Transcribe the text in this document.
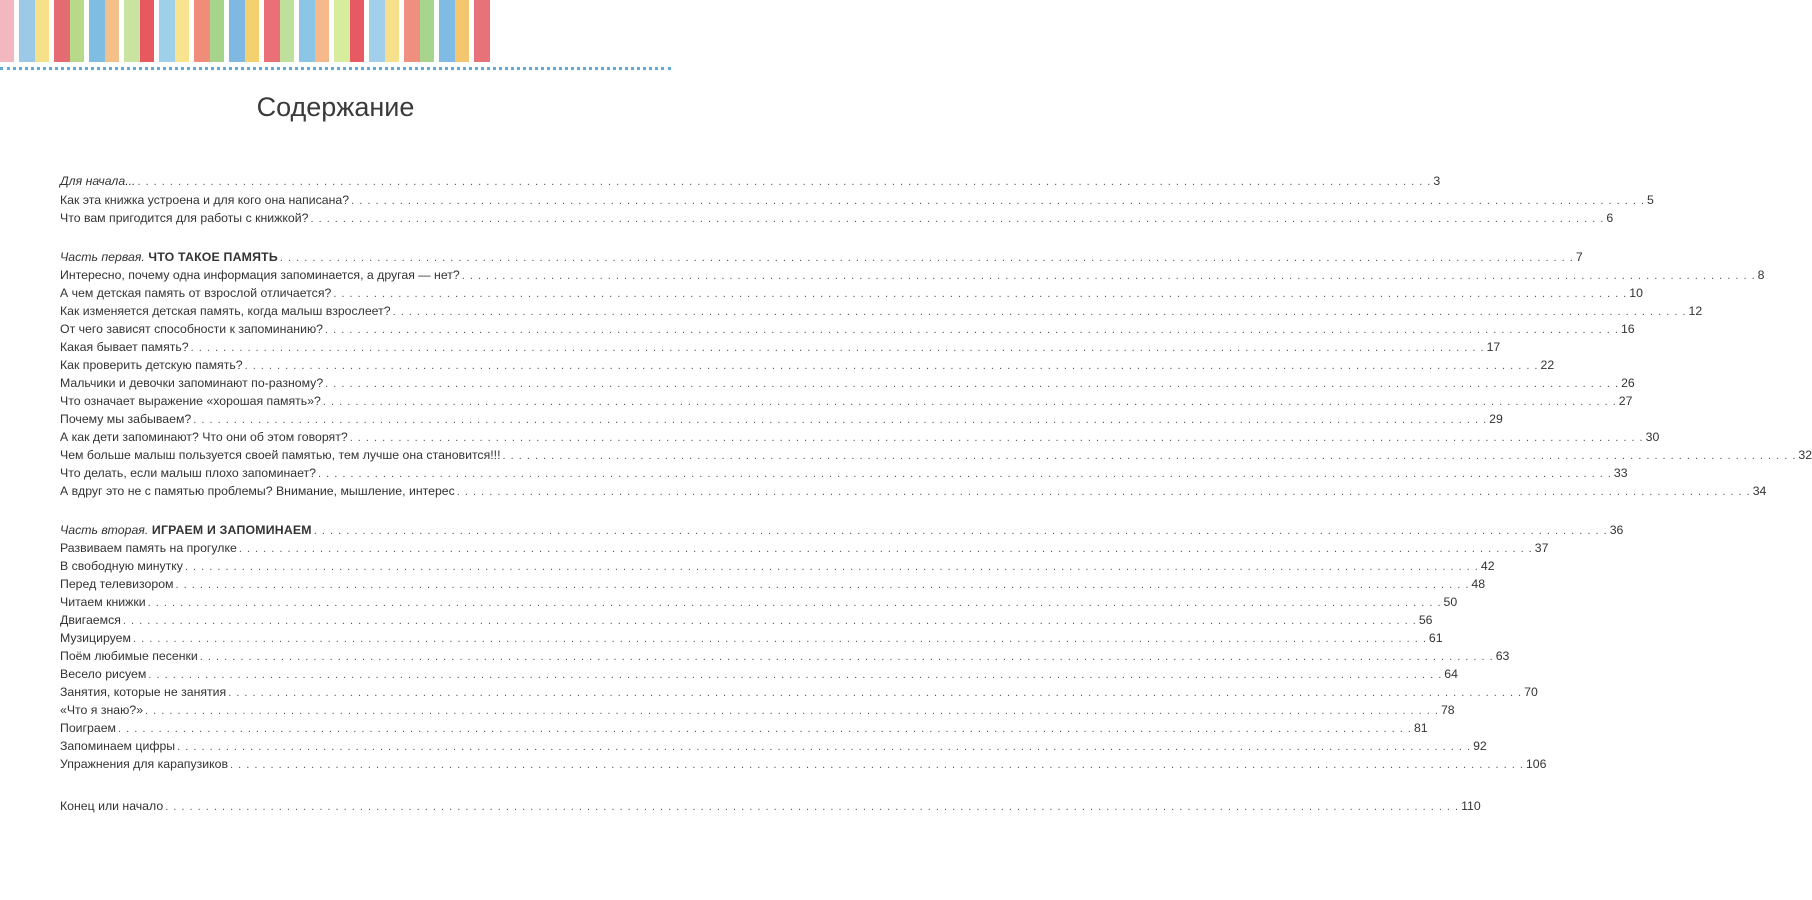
Содержание
Для начала... . . . . . . . . . . . . . . . . . . . . . . . . . . . . . . . . . . . . . . . . . . . . . . . . . . . . . . . . . . . . . . . . . . . . . . . . . . . . . . . . . . . . . . . . . . . . . . . . . . . . . . . . . . . . . . . . . . . . . . . . . . . . . . . . . . . . . . . . . . . . . . . . . . . . . . . . . . . . . . . . 3
Как эта книжка устроена и для кого она написана? . . . . . . . . . . . . . . . . . . . . . . . . . . . . . . . . . . . . . . . . . . . . . . . . . . . . . . . . . . . . . . . . . . . . . . . . . . . . . . . . . . . . . . . . . . . . . . . . . . . . . . . . . . . . . . . . . . . . . . . . . . . . . . . . . . . . . . . . . . . . . . . . . . . . . . . . . . . . . . . . 5
Что вам пригодится для работы с книжкой? . . . . . . . . . . . . . . . . . . . . . . . . . . . . . . . . . . . . . . . . . . . . . . . . . . . . . . . . . . . . . . . . . . . . . . . . . . . . . . . . . . . . . . . . . . . . . . . . . . . . . . . . . . . . . . . . . . . . . . . . . . . . . . . . . . . . . . . . . . . . . . . . . . . . . . . . . . . . . . . . 6
Часть первая. ЧТО ТАКОЕ ПАМЯТЬ . . . . . . . . . . . . . . . . . . . . . . . . . . . . . . . . . . . . . . . . . . . . . . . . . . . . . . . . . . . . . . . . . . . . . . . . . . . . . . . . . . . . . . . . . . . . . . . . . . . . . . . . . . . . . . . . . . . . . . . . . . . . . . . . . . . . . . . . . . . . . . . . . . . . . . . . . . . . . . . . 7
Интересно, почему одна информация запоминается, а другая — нет? . . . . . . . . . . . . . . . . . . . . . . . . . . . . . . . . . . . . . . . . . . . . . . . . . . . . . . . . . . . . . . . . . . . . . . . . . . . . . . . . . . . . . . . . . . . . . . . . . . . . . . . . . . . . . . . . . . . . . . . . . . . . . . . . . . . . . . . . . . . . . . . . . . . . . . . . . . . . . . . . 8
А чем детская память от взрослой отличается? . . . . . . . . . . . . . . . . . . . . . . . . . . . . . . . . . . . . . . . . . . . . . . . . . . . . . . . . . . . . . . . . . . . . . . . . . . . . . . . . . . . . . . . . . . . . . . . . . . . . . . . . . . . . . . . . . . . . . . . . . . . . . . . . . . . . . . . . . . . . . . . . . . . . . . . . . . . . . . . . 10
Как изменяется детская память, когда малыш взрослеет? . . . . . . . . . . . . . . . . . . . . . . . . . . . . . . . . . . . . . . . . . . . . . . . . . . . . . . . . . . . . . . . . . . . . . . . . . . . . . . . . . . . . . . . . . . . . . . . . . . . . . . . . . . . . . . . . . . . . . . . . . . . . . . . . . . . . . . . . . . . . . . . . . . . . . . . . . . . . . . . . 12
От чего зависят способности к запоминанию? . . . . . . . . . . . . . . . . . . . . . . . . . . . . . . . . . . . . . . . . . . . . . . . . . . . . . . . . . . . . . . . . . . . . . . . . . . . . . . . . . . . . . . . . . . . . . . . . . . . . . . . . . . . . . . . . . . . . . . . . . . . . . . . . . . . . . . . . . . . . . . . . . . . . . . . . . . . . . . . . 16
Какая бывает память? . . . . . . . . . . . . . . . . . . . . . . . . . . . . . . . . . . . . . . . . . . . . . . . . . . . . . . . . . . . . . . . . . . . . . . . . . . . . . . . . . . . . . . . . . . . . . . . . . . . . . . . . . . . . . . . . . . . . . . . . . . . . . . . . . . . . . . . . . . . . . . . . . . . . . . . . . . . . . . . . 17
Как проверить детскую память? . . . . . . . . . . . . . . . . . . . . . . . . . . . . . . . . . . . . . . . . . . . . . . . . . . . . . . . . . . . . . . . . . . . . . . . . . . . . . . . . . . . . . . . . . . . . . . . . . . . . . . . . . . . . . . . . . . . . . . . . . . . . . . . . . . . . . . . . . . . . . . . . . . . . . . . . . . . . . . . . 22
Мальчики и девочки запоминают по-разному? . . . . . . . . . . . . . . . . . . . . . . . . . . . . . . . . . . . . . . . . . . . . . . . . . . . . . . . . . . . . . . . . . . . . . . . . . . . . . . . . . . . . . . . . . . . . . . . . . . . . . . . . . . . . . . . . . . . . . . . . . . . . . . . . . . . . . . . . . . . . . . . . . . . . . . . . . . . . . . . . 26
Что означает выражение «хорошая память»? . . . . . . . . . . . . . . . . . . . . . . . . . . . . . . . . . . . . . . . . . . . . . . . . . . . . . . . . . . . . . . . . . . . . . . . . . . . . . . . . . . . . . . . . . . . . . . . . . . . . . . . . . . . . . . . . . . . . . . . . . . . . . . . . . . . . . . . . . . . . . . . . . . . . . . . . . . . . . . . . 27
Почему мы забываем? . . . . . . . . . . . . . . . . . . . . . . . . . . . . . . . . . . . . . . . . . . . . . . . . . . . . . . . . . . . . . . . . . . . . . . . . . . . . . . . . . . . . . . . . . . . . . . . . . . . . . . . . . . . . . . . . . . . . . . . . . . . . . . . . . . . . . . . . . . . . . . . . . . . . . . . . . . . . . . . . 29
А как дети запоминают? Что они об этом говорят? . . . . . . . . . . . . . . . . . . . . . . . . . . . . . . . . . . . . . . . . . . . . . . . . . . . . . . . . . . . . . . . . . . . . . . . . . . . . . . . . . . . . . . . . . . . . . . . . . . . . . . . . . . . . . . . . . . . . . . . . . . . . . . . . . . . . . . . . . . . . . . . . . . . . . . . . . . . . . . . . 30
Чем больше малыш пользуется своей памятью, тем лучше она становится!!! . . . . . . . . . . . . . . . . . . . . . . . . . . . . . . . . . . . . . . . . . . . . . . . . . . . . . . . . . . . . . . . . . . . . . . . . . . . . . . . . . . . . . . . . . . . . . . . . . . . . . . . . . . . . . . . . . . . . . . . . . . . . . . . . . . . . . . . . . . . . . . . . . . . . . . . . . . . . . . . . 32
Что делать, если малыш плохо запоминает? . . . . . . . . . . . . . . . . . . . . . . . . . . . . . . . . . . . . . . . . . . . . . . . . . . . . . . . . . . . . . . . . . . . . . . . . . . . . . . . . . . . . . . . . . . . . . . . . . . . . . . . . . . . . . . . . . . . . . . . . . . . . . . . . . . . . . . . . . . . . . . . . . . . . . . . . . . . . . . . . 33
А вдруг это не с памятью проблемы? Внимание, мышление, интерес . . . . . . . . . . . . . . . . . . . . . . . . . . . . . . . . . . . . . . . . . . . . . . . . . . . . . . . . . . . . . . . . . . . . . . . . . . . . . . . . . . . . . . . . . . . . . . . . . . . . . . . . . . . . . . . . . . . . . . . . . . . . . . . . . . . . . . . . . . . . . . . . . . . . . . . . . . . . . . . . 34
Часть вторая. ИГРАЕМ И ЗАПОМИНАЕМ . . . . . . . . . . . . . . . . . . . . . . . . . . . . . . . . . . . . . . . . . . . . . . . . . . . . . . . . . . . . . . . . . . . . . . . . . . . . . . . . . . . . . . . . . . . . . . . . . . . . . . . . . . . . . . . . . . . . . . . . . . . . . . . . . . . . . . . . . . . . . . . . . . . . . . . . . . . . . . . . 36
Развиваем память на прогулке . . . . . . . . . . . . . . . . . . . . . . . . . . . . . . . . . . . . . . . . . . . . . . . . . . . . . . . . . . . . . . . . . . . . . . . . . . . . . . . . . . . . . . . . . . . . . . . . . . . . . . . . . . . . . . . . . . . . . . . . . . . . . . . . . . . . . . . . . . . . . . . . . . . . . . . . . . . . . . . . 37
В свободную минутку . . . . . . . . . . . . . . . . . . . . . . . . . . . . . . . . . . . . . . . . . . . . . . . . . . . . . . . . . . . . . . . . . . . . . . . . . . . . . . . . . . . . . . . . . . . . . . . . . . . . . . . . . . . . . . . . . . . . . . . . . . . . . . . . . . . . . . . . . . . . . . . . . . . . . . . . . . . . . . . . 42
Перед телевизором . . . . . . . . . . . . . . . . . . . . . . . . . . . . . . . . . . . . . . . . . . . . . . . . . . . . . . . . . . . . . . . . . . . . . . . . . . . . . . . . . . . . . . . . . . . . . . . . . . . . . . . . . . . . . . . . . . . . . . . . . . . . . . . . . . . . . . . . . . . . . . . . . . . . . . . . . . . . . . . . 48
Читаем книжки . . . . . . . . . . . . . . . . . . . . . . . . . . . . . . . . . . . . . . . . . . . . . . . . . . . . . . . . . . . . . . . . . . . . . . . . . . . . . . . . . . . . . . . . . . . . . . . . . . . . . . . . . . . . . . . . . . . . . . . . . . . . . . . . . . . . . . . . . . . . . . . . . . . . . . . . . . . . . . . . 50
Двигаемся . . . . . . . . . . . . . . . . . . . . . . . . . . . . . . . . . . . . . . . . . . . . . . . . . . . . . . . . . . . . . . . . . . . . . . . . . . . . . . . . . . . . . . . . . . . . . . . . . . . . . . . . . . . . . . . . . . . . . . . . . . . . . . . . . . . . . . . . . . . . . . . . . . . . . . . . . . . . . . . . 56
Музицируем . . . . . . . . . . . . . . . . . . . . . . . . . . . . . . . . . . . . . . . . . . . . . . . . . . . . . . . . . . . . . . . . . . . . . . . . . . . . . . . . . . . . . . . . . . . . . . . . . . . . . . . . . . . . . . . . . . . . . . . . . . . . . . . . . . . . . . . . . . . . . . . . . . . . . . . . . . . . . . . . 61
Поём любимые песенки . . . . . . . . . . . . . . . . . . . . . . . . . . . . . . . . . . . . . . . . . . . . . . . . . . . . . . . . . . . . . . . . . . . . . . . . . . . . . . . . . . . . . . . . . . . . . . . . . . . . . . . . . . . . . . . . . . . . . . . . . . . . . . . . . . . . . . . . . . . . . . . . . . . . . . . . . . . . . . . . 63
Весело рисуем . . . . . . . . . . . . . . . . . . . . . . . . . . . . . . . . . . . . . . . . . . . . . . . . . . . . . . . . . . . . . . . . . . . . . . . . . . . . . . . . . . . . . . . . . . . . . . . . . . . . . . . . . . . . . . . . . . . . . . . . . . . . . . . . . . . . . . . . . . . . . . . . . . . . . . . . . . . . . . . . 64
Занятия, которые не занятия . . . . . . . . . . . . . . . . . . . . . . . . . . . . . . . . . . . . . . . . . . . . . . . . . . . . . . . . . . . . . . . . . . . . . . . . . . . . . . . . . . . . . . . . . . . . . . . . . . . . . . . . . . . . . . . . . . . . . . . . . . . . . . . . . . . . . . . . . . . . . . . . . . . . . . . . . . . . . . . . 70
«Что я знаю?» . . . . . . . . . . . . . . . . . . . . . . . . . . . . . . . . . . . . . . . . . . . . . . . . . . . . . . . . . . . . . . . . . . . . . . . . . . . . . . . . . . . . . . . . . . . . . . . . . . . . . . . . . . . . . . . . . . . . . . . . . . . . . . . . . . . . . . . . . . . . . . . . . . . . . . . . . . . . . . . . 78
Поиграем . . . . . . . . . . . . . . . . . . . . . . . . . . . . . . . . . . . . . . . . . . . . . . . . . . . . . . . . . . . . . . . . . . . . . . . . . . . . . . . . . . . . . . . . . . . . . . . . . . . . . . . . . . . . . . . . . . . . . . . . . . . . . . . . . . . . . . . . . . . . . . . . . . . . . . . . . . . . . . . . 81
Запоминаем цифры . . . . . . . . . . . . . . . . . . . . . . . . . . . . . . . . . . . . . . . . . . . . . . . . . . . . . . . . . . . . . . . . . . . . . . . . . . . . . . . . . . . . . . . . . . . . . . . . . . . . . . . . . . . . . . . . . . . . . . . . . . . . . . . . . . . . . . . . . . . . . . . . . . . . . . . . . . . . . . . . 92
Упражнения для карапузиков . . . . . . . . . . . . . . . . . . . . . . . . . . . . . . . . . . . . . . . . . . . . . . . . . . . . . . . . . . . . . . . . . . . . . . . . . . . . . . . . . . . . . . . . . . . . . . . . . . . . . . . . . . . . . . . . . . . . . . . . . . . . . . . . . . . . . . . . . . . . . . . . . . . . . . . . . . . . . . . . 106
Конец или начало . . . . . . . . . . . . . . . . . . . . . . . . . . . . . . . . . . . . . . . . . . . . . . . . . . . . . . . . . . . . . . . . . . . . . . . . . . . . . . . . . . . . . . . . . . . . . . . . . . . . . . . . . . . . . . . . . . . . . . . . . . . . . . . . . . . . . . . . . . . . . . . . . . . . . . . . . . . . . . . . 110
